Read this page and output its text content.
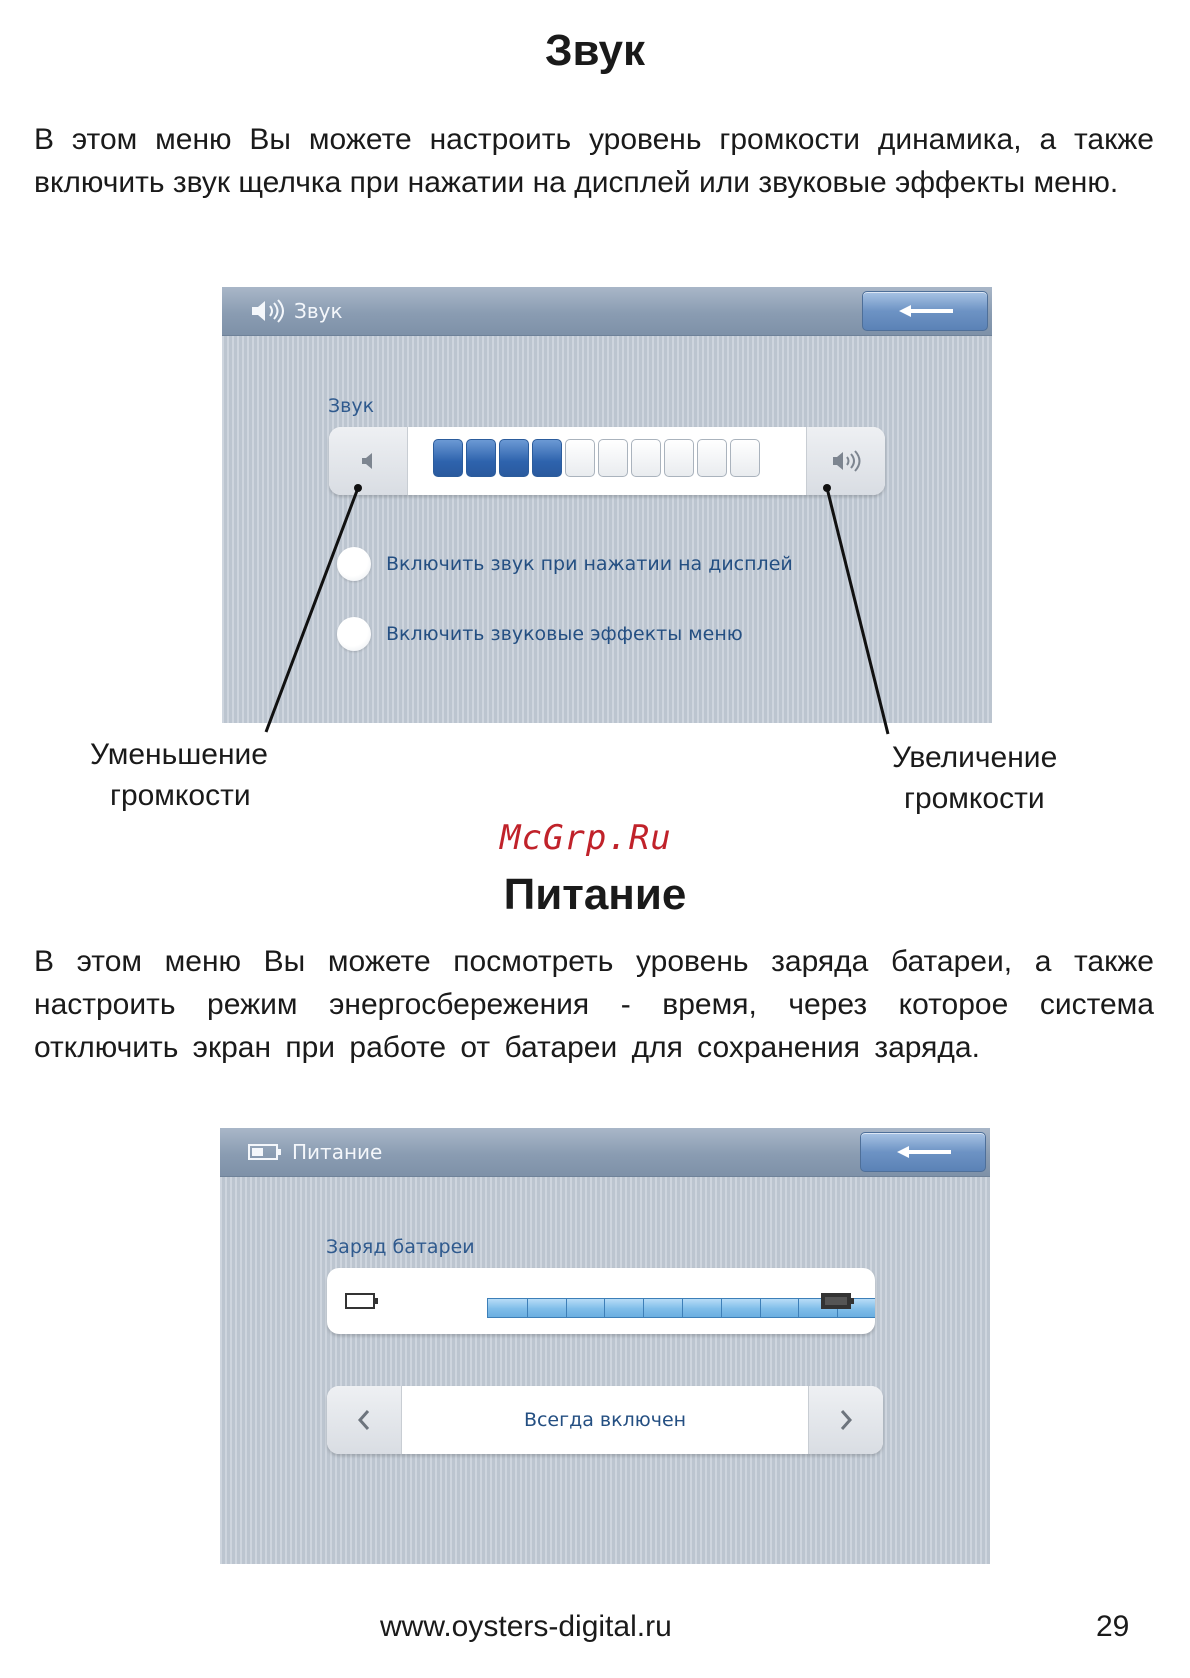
Звук
В этом меню Вы можете настроить уровень громкости динамика, а также включить звук щелчка при нажатии на дисплей или звуковые эффекты меню.
Звук
Звук
Включить звук при нажатии на дисплей
Включить звуковые эффекты меню
Уменьшение
громкости
Увеличение
громкости
McGrp.Ru
Питание
В этом меню Вы можете посмотреть уровень заряда батареи, а также настроить режим энергосбережения - время, через которое система отключить экран при работе от батареи для сохранения заряда.
Питание
Заряд батареи
Всегда включен
www.oysters-digital.ru	29
